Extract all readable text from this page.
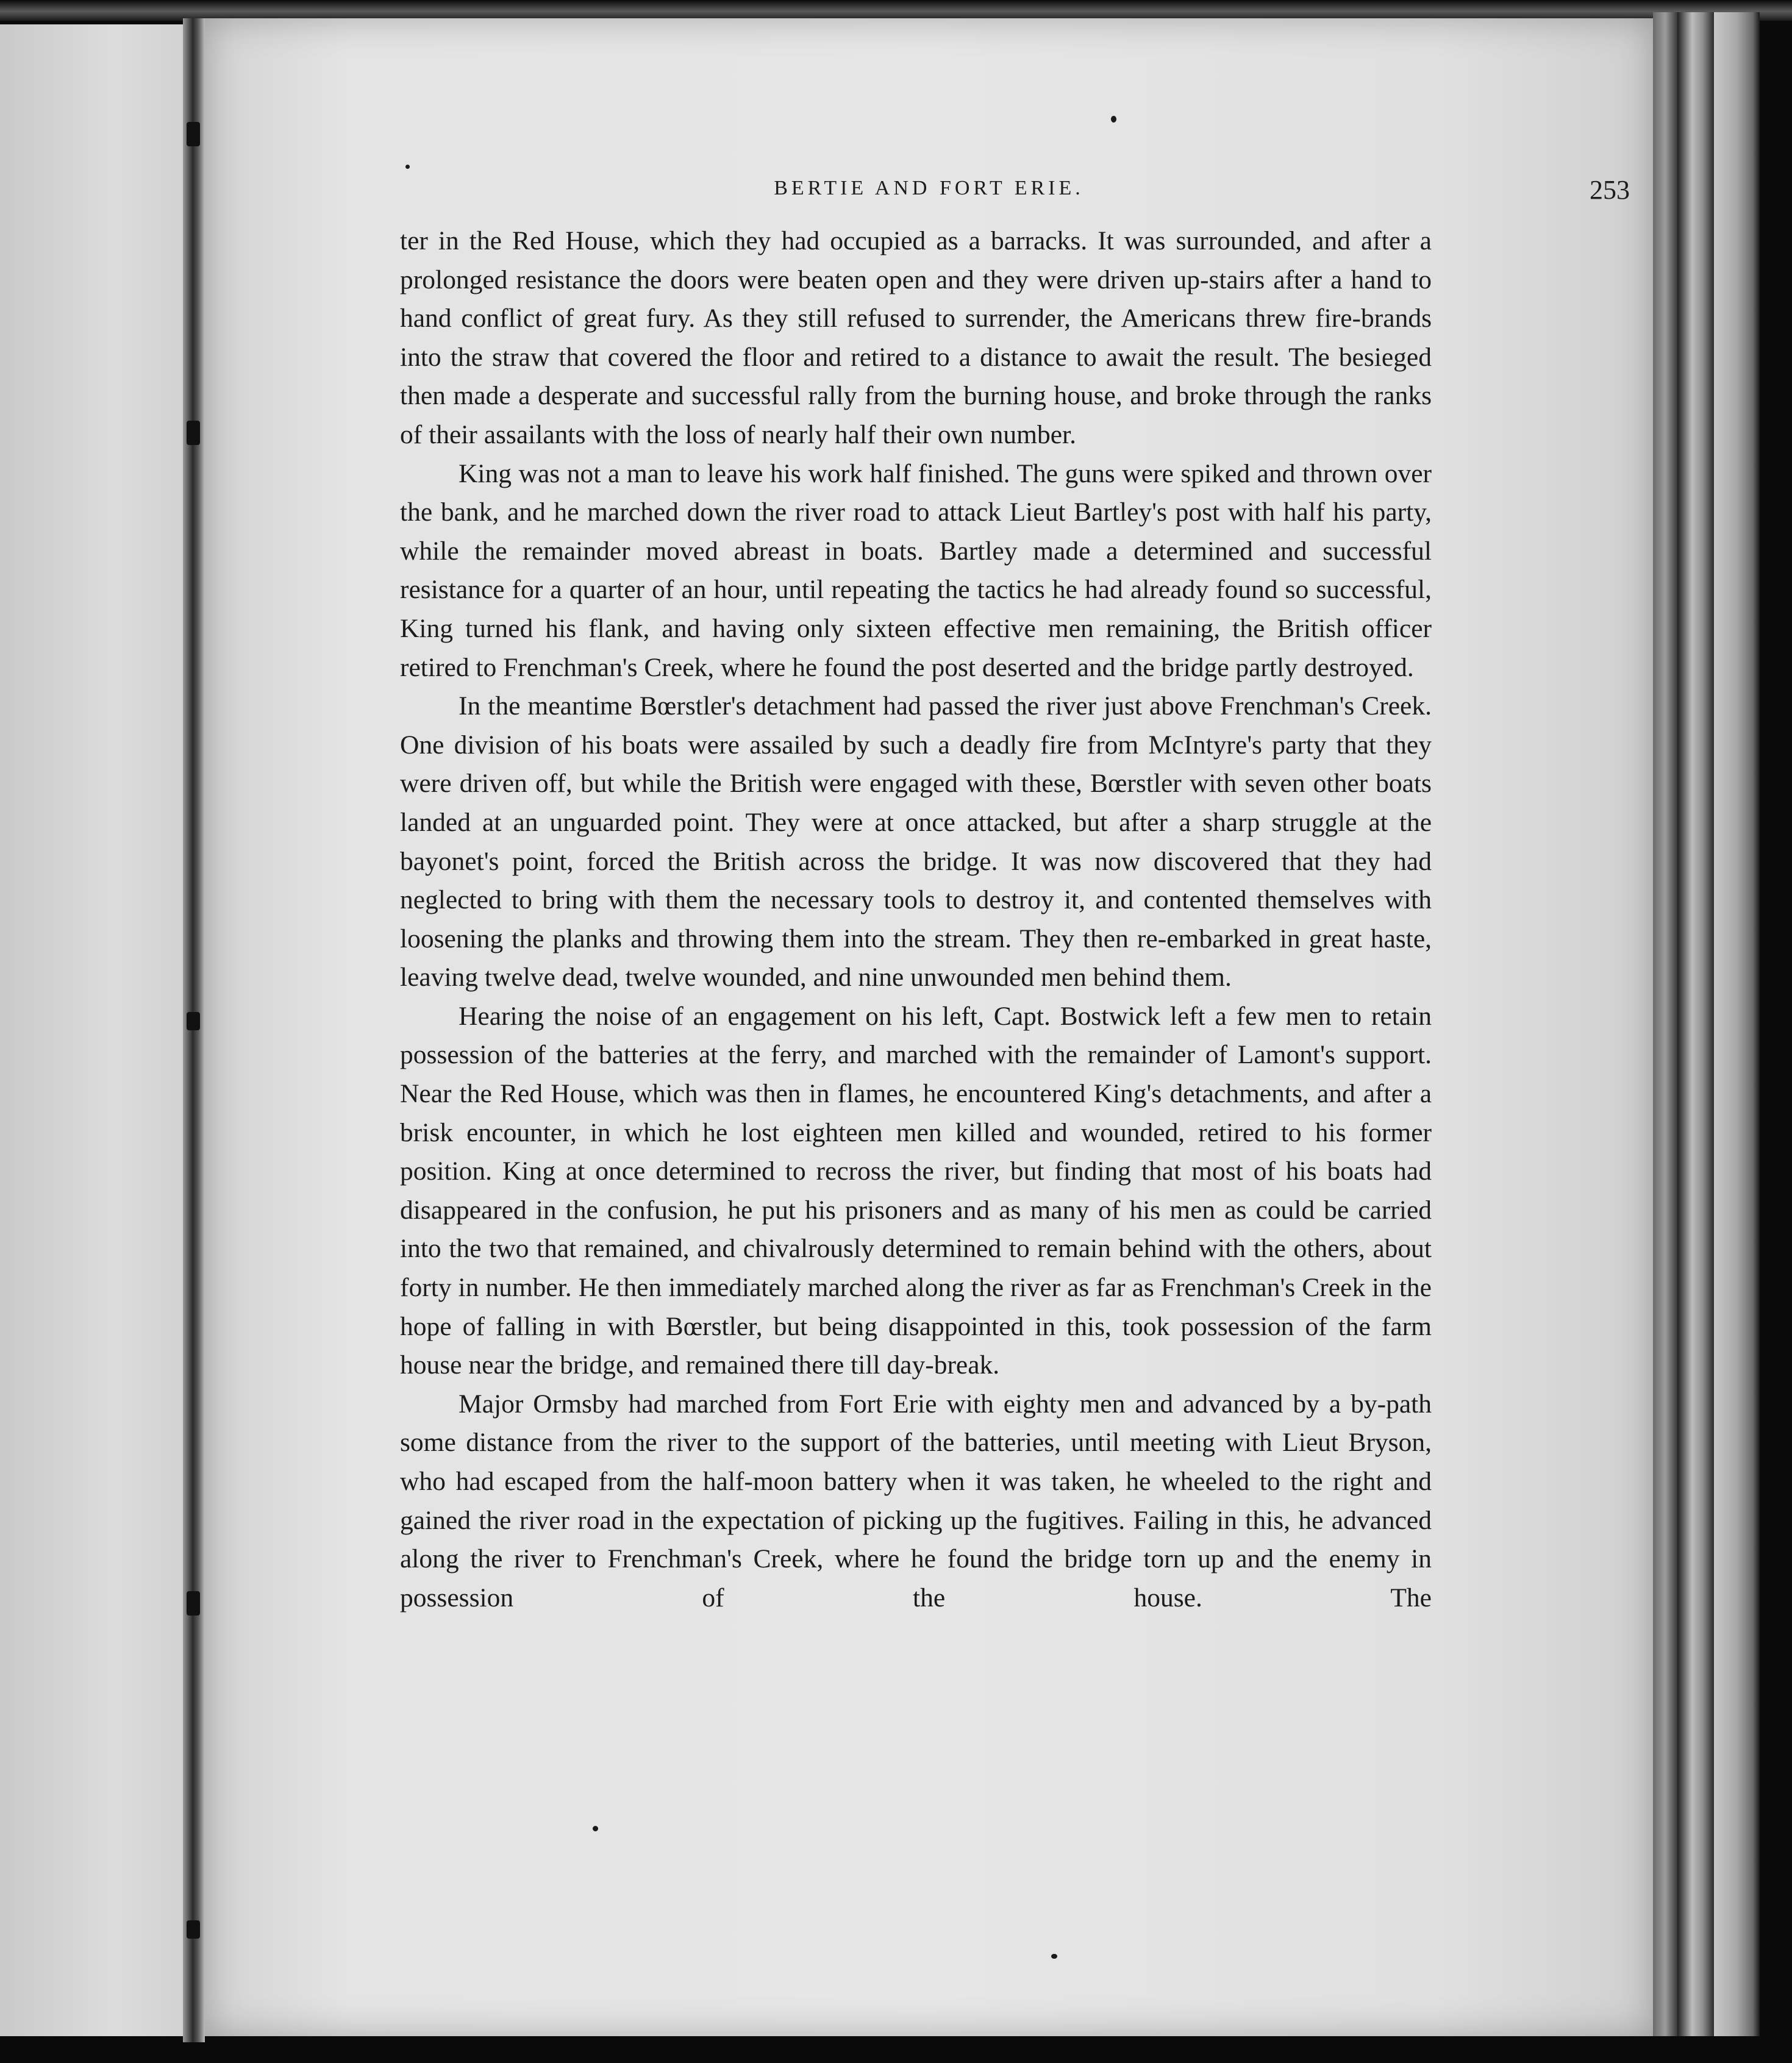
BERTIE AND FORT ERIE.	253

ter in the Red House, which they had occupied as a barracks. It was surrounded, and after a prolonged resistance the doors were beaten open and they were driven up-stairs after a hand to hand conflict of great fury. As they still refused to surrender, the Americans threw fire-brands into the straw that covered the floor and retired to a distance to await the result. The besieged then made a desperate and successful rally from the burning house, and broke through the ranks of their assailants with the loss of nearly half their own number.

King was not a man to leave his work half finished. The guns were spiked and thrown over the bank, and he marched down the river road to attack Lieut Bartley's post with half his party, while the remainder moved abreast in boats. Bartley made a determined and successful resistance for a quarter of an hour, until repeating the tactics he had already found so successful, King turned his flank, and having only sixteen effective men remaining, the British officer retired to Frenchman's Creek, where he found the post deserted and the bridge partly destroyed.

In the meantime Bœrstler's detachment had passed the river just above Frenchman's Creek. One division of his boats were assailed by such a deadly fire from McIntyre's party that they were driven off, but while the British were engaged with these, Bœrstler with seven other boats landed at an unguarded point. They were at once attacked, but after a sharp struggle at the bayonet's point, forced the British across the bridge. It was now discovered that they had neglected to bring with them the necessary tools to destroy it, and contented themselves with loosening the planks and throwing them into the stream. They then re-embarked in great haste, leaving twelve dead, twelve wounded, and nine unwounded men behind them.

Hearing the noise of an engagement on his left, Capt. Bostwick left a few men to retain possession of the batteries at the ferry, and marched with the remainder of Lamont's support. Near the Red House, which was then in flames, he encountered King's detachments, and after a brisk encounter, in which he lost eighteen men killed and wounded, retired to his former position. King at once determined to recross the river, but finding that most of his boats had disappeared in the confusion, he put his prisoners and as many of his men as could be carried into the two that remained, and chivalrously determined to remain behind with the others, about forty in number. He then immediately marched along the river as far as Frenchman's Creek in the hope of falling in with Bœrstler, but being disappointed in this, took possession of the farm house near the bridge, and remained there till day-break.

Major Ormsby had marched from Fort Erie with eighty men and advanced by a by-path some distance from the river to the support of the batteries, until meeting with Lieut Bryson, who had escaped from the half-moon battery when it was taken, he wheeled to the right and gained the river road in the expectation of picking up the fugitives. Failing in this, he advanced along the river to Frenchman's Creek, where he found the bridge torn up and the enemy in possession of the house. The
